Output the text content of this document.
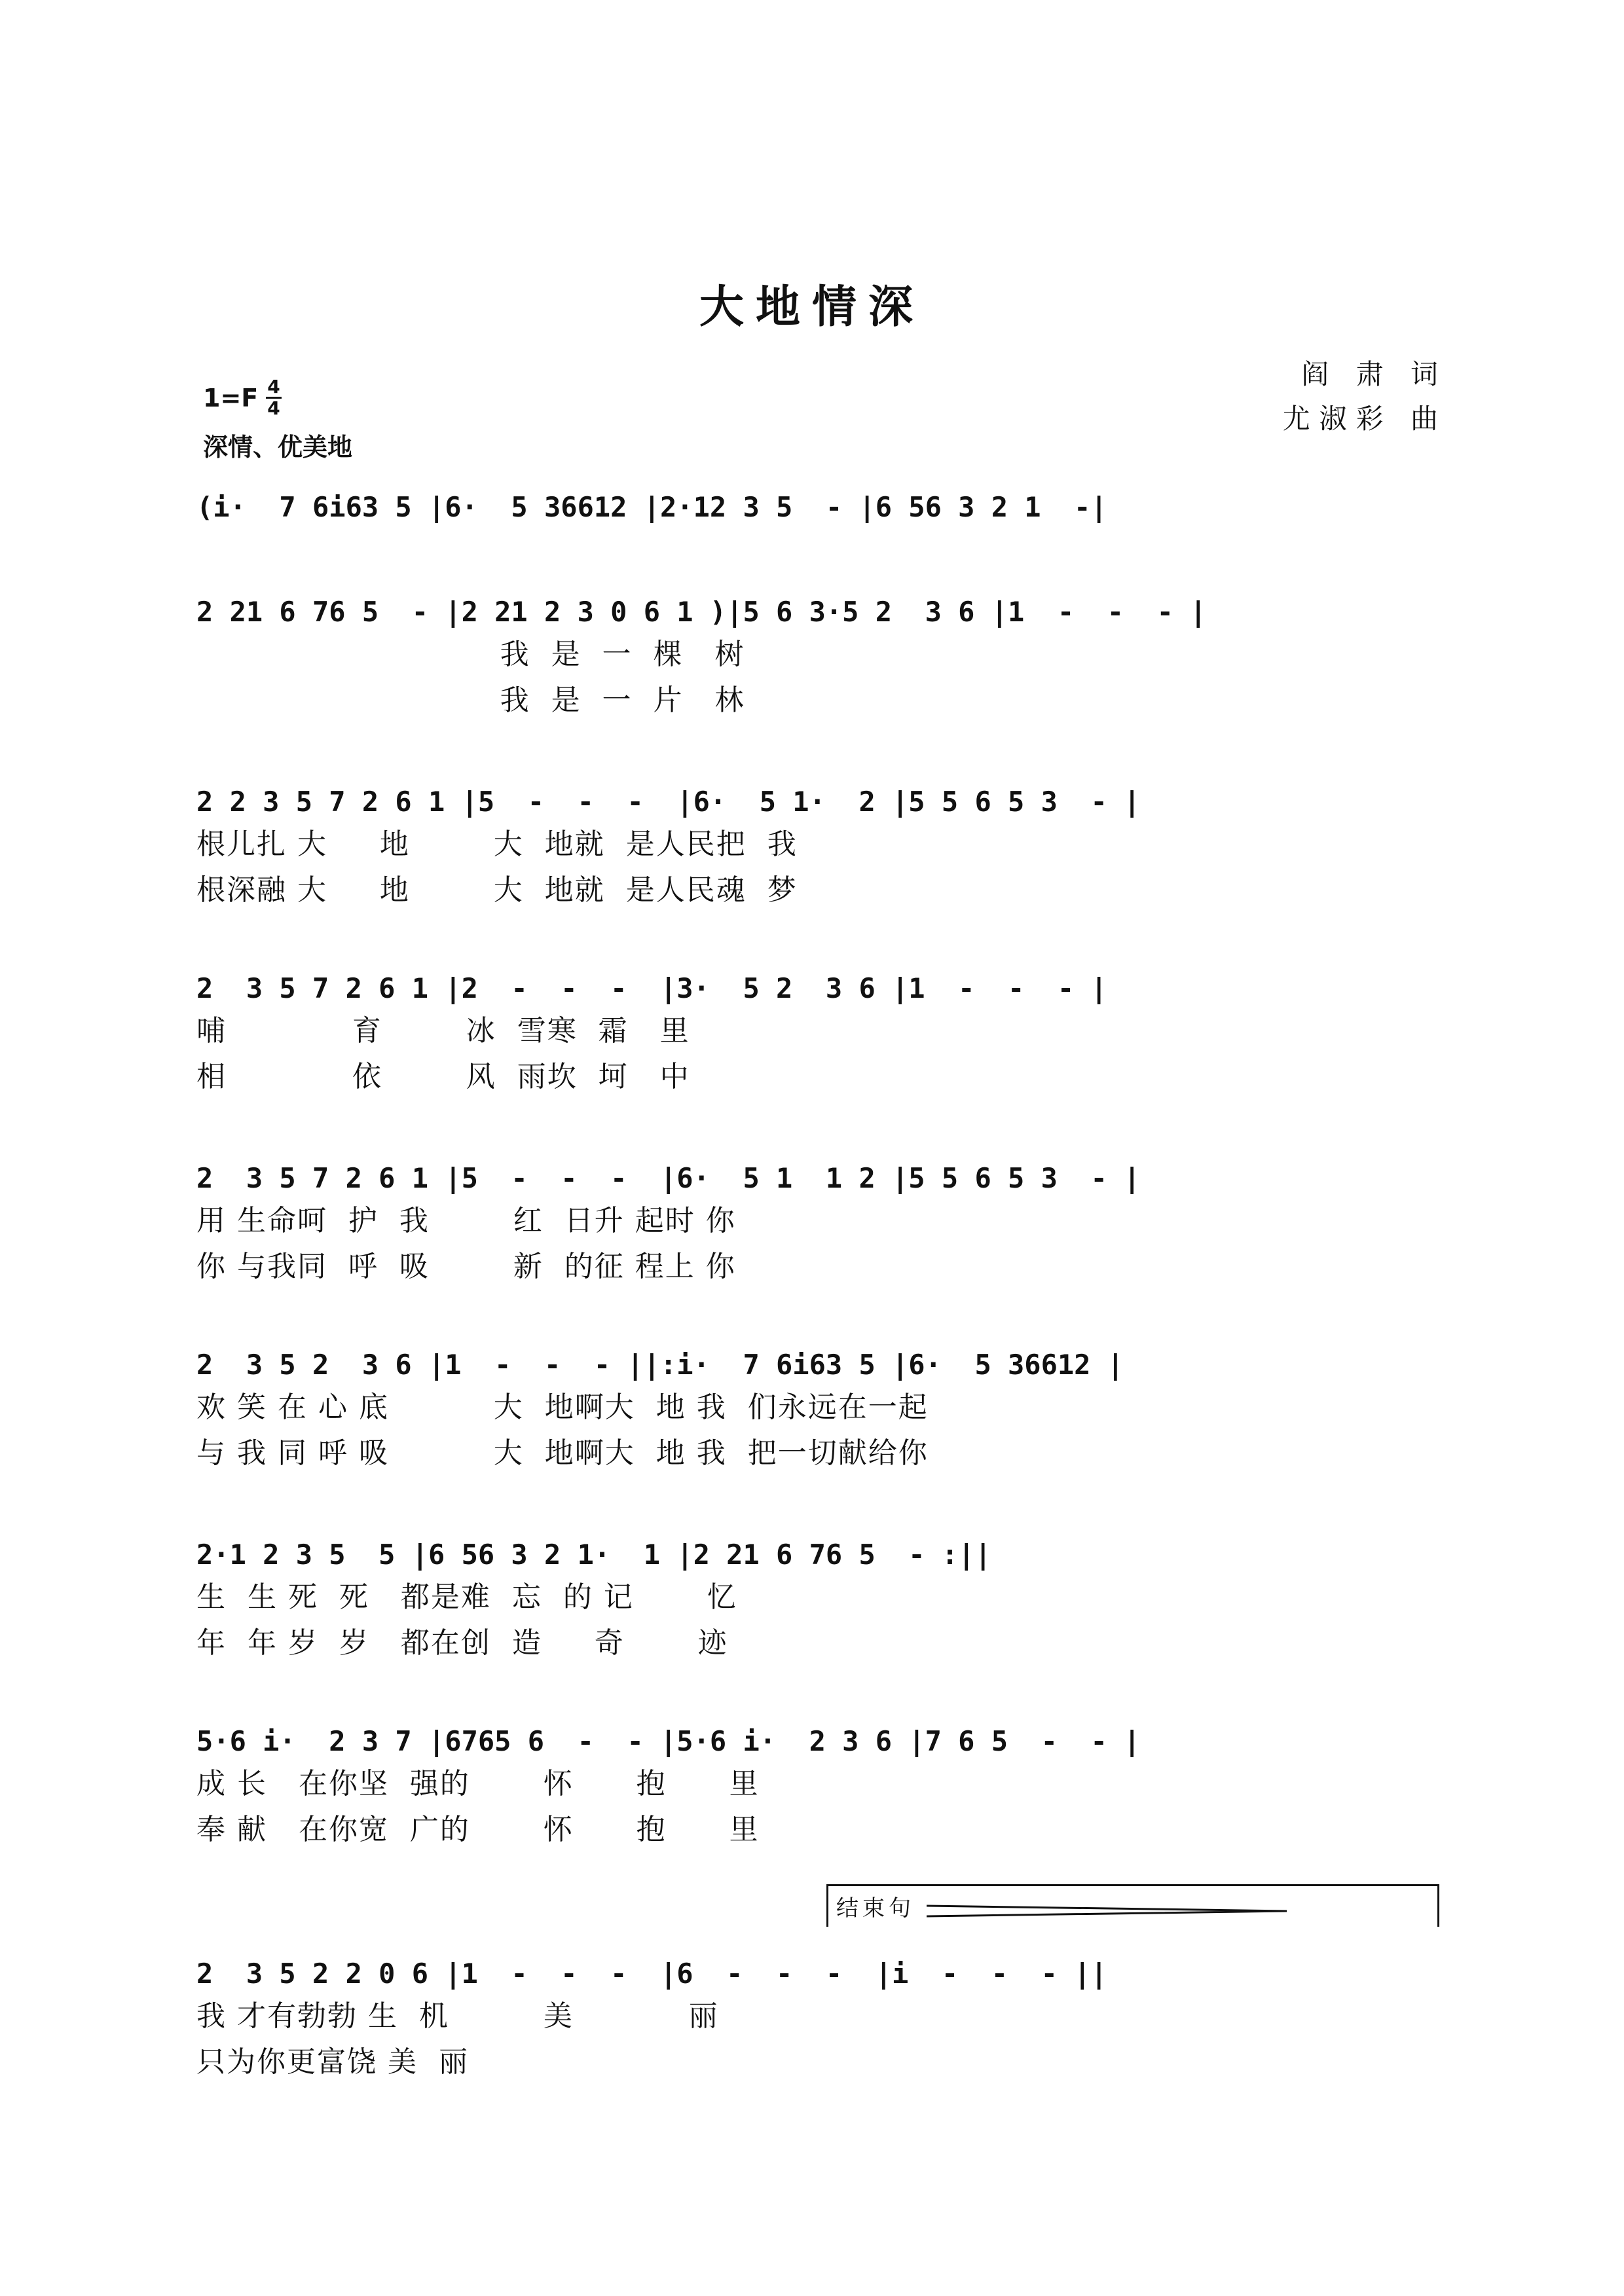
大地情深
$1=F \frac{4}{4}$
深情、优美地
阎 肃 词
尤淑彩 曲
(i·  7 6i63 5 |6·  5 36612 |2·12 3 5  - |6 56 3 2 1  -|
2 21 6 76 5  - |2 21 2 3 0 6 1 )|5 6 3·5 2  3 6 |1  -  -  - |
我  是  一  棵   树
我  是  一  片   林
2 2 3 5 7 2 6 1 |5  -  -  -  |6·  5 1·  2 |5 5 6 5 3  - |
根儿扎 大     地        大  地就  是人民把  我
根深融 大     地        大  地就  是人民魂  梦
2  3 5 7 2 6 1 |2  -  -  -  |3·  5 2  3 6 |1  -  -  - |
哺            育        冰  雪寒  霜   里
相            依        风  雨坎  坷   中
2  3 5 7 2 6 1 |5  -  -  -  |6·  5 1  1 2 |5 5 6 5 3  - |
用 生命呵  护  我        红  日升 起时 你
你 与我同  呼  吸        新  的征 程上 你
2  3 5 2  3 6 |1  -  -  - ||:i·  7 6i63 5 |6·  5 36612 |
欢 笑 在 心 底          大  地啊大  地 我  们永远在一起
与 我 同 呼 吸          大  地啊大  地 我  把一切献给你
2·1 2 3 5  5 |6 56 3 2 1·  1 |2 21 6 76 5  - :||
生  生 死  死   都是难  忘  的 记       忆
年  年 岁  岁   都在创  造     奇       迹
5·6 i·  2 3 7 |6765 6  -  - |5·6 i·  2 3 6 |7 6 5  -  - |
成 长   在你坚  强的       怀      抱      里
奉 献   在你宽  广的       怀      抱      里
结束句
2  3 5 2 2 0 6 |1  -  -  -  |6  -  -  -  |i  -  -  - ||
我 才有勃勃 生  机         美           丽
只为你更富饶 美  丽
